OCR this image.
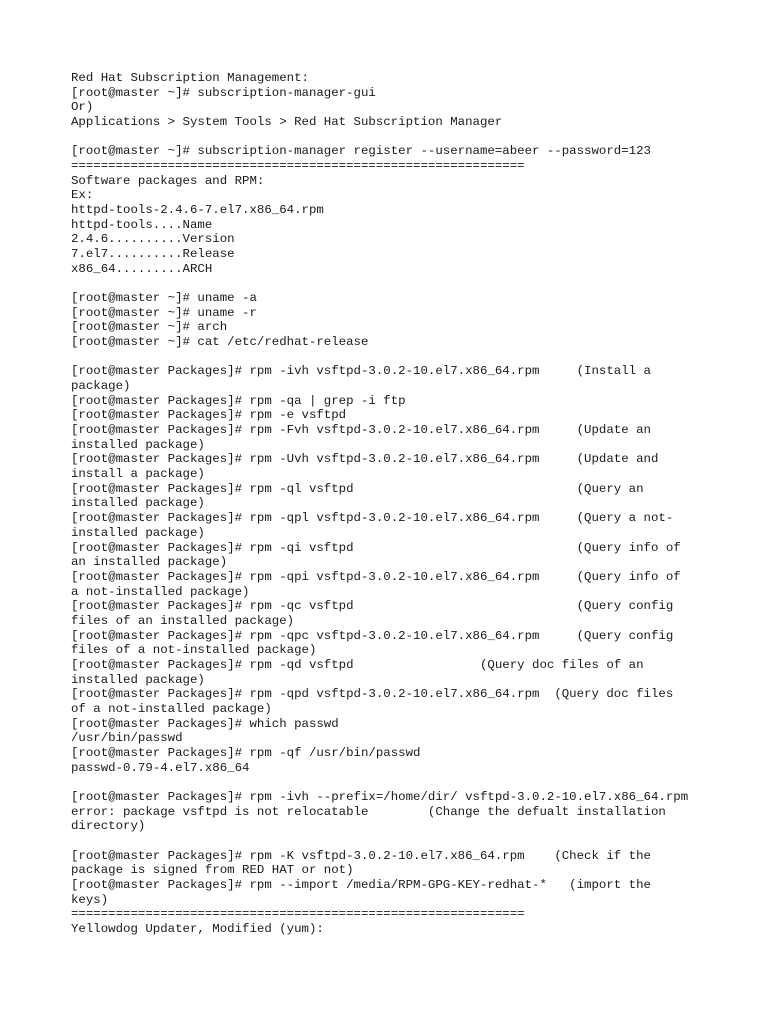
Red Hat Subscription Management:
[root@master ~]# subscription-manager-gui
Or)
Applications > System Tools > Red Hat Subscription Manager
[root@master ~]# subscription-manager register --username=abeer --password=123
=============================================================
Software packages and RPM:
Ex:
httpd-tools-2.4.6-7.el7.x86_64.rpm
httpd-tools....Name
2.4.6..........Version
7.el7..........Release
x86_64.........ARCH
[root@master ~]# uname -a
[root@master ~]# uname -r
[root@master ~]# arch
[root@master ~]# cat /etc/redhat-release
[root@master Packages]# rpm -ivh vsftpd-3.0.2-10.el7.x86_64.rpm     (Install a
package)
[root@master Packages]# rpm -qa | grep -i ftp
[root@master Packages]# rpm -e vsftpd
[root@master Packages]# rpm -Fvh vsftpd-3.0.2-10.el7.x86_64.rpm     (Update an
installed package)
[root@master Packages]# rpm -Uvh vsftpd-3.0.2-10.el7.x86_64.rpm     (Update and
install a package)
[root@master Packages]# rpm -ql vsftpd                              (Query an
installed package)
[root@master Packages]# rpm -qpl vsftpd-3.0.2-10.el7.x86_64.rpm     (Query a not-
installed package)
[root@master Packages]# rpm -qi vsftpd                              (Query info of
an installed package)
[root@master Packages]# rpm -qpi vsftpd-3.0.2-10.el7.x86_64.rpm     (Query info of
a not-installed package)
[root@master Packages]# rpm -qc vsftpd                              (Query config
files of an installed package)
[root@master Packages]# rpm -qpc vsftpd-3.0.2-10.el7.x86_64.rpm     (Query config
files of a not-installed package)
[root@master Packages]# rpm -qd vsftpd                 (Query doc files of an
installed package)
[root@master Packages]# rpm -qpd vsftpd-3.0.2-10.el7.x86_64.rpm  (Query doc files
of a not-installed package)
[root@master Packages]# which passwd
/usr/bin/passwd
[root@master Packages]# rpm -qf /usr/bin/passwd
passwd-0.79-4.el7.x86_64
[root@master Packages]# rpm -ivh --prefix=/home/dir/ vsftpd-3.0.2-10.el7.x86_64.rpm
error: package vsftpd is not relocatable        (Change the defualt installation
directory)
[root@master Packages]# rpm -K vsftpd-3.0.2-10.el7.x86_64.rpm    (Check if the
package is signed from RED HAT or not)
[root@master Packages]# rpm --import /media/RPM-GPG-KEY-redhat-*   (import the
keys)
=============================================================
Yellowdog Updater, Modified (yum):
